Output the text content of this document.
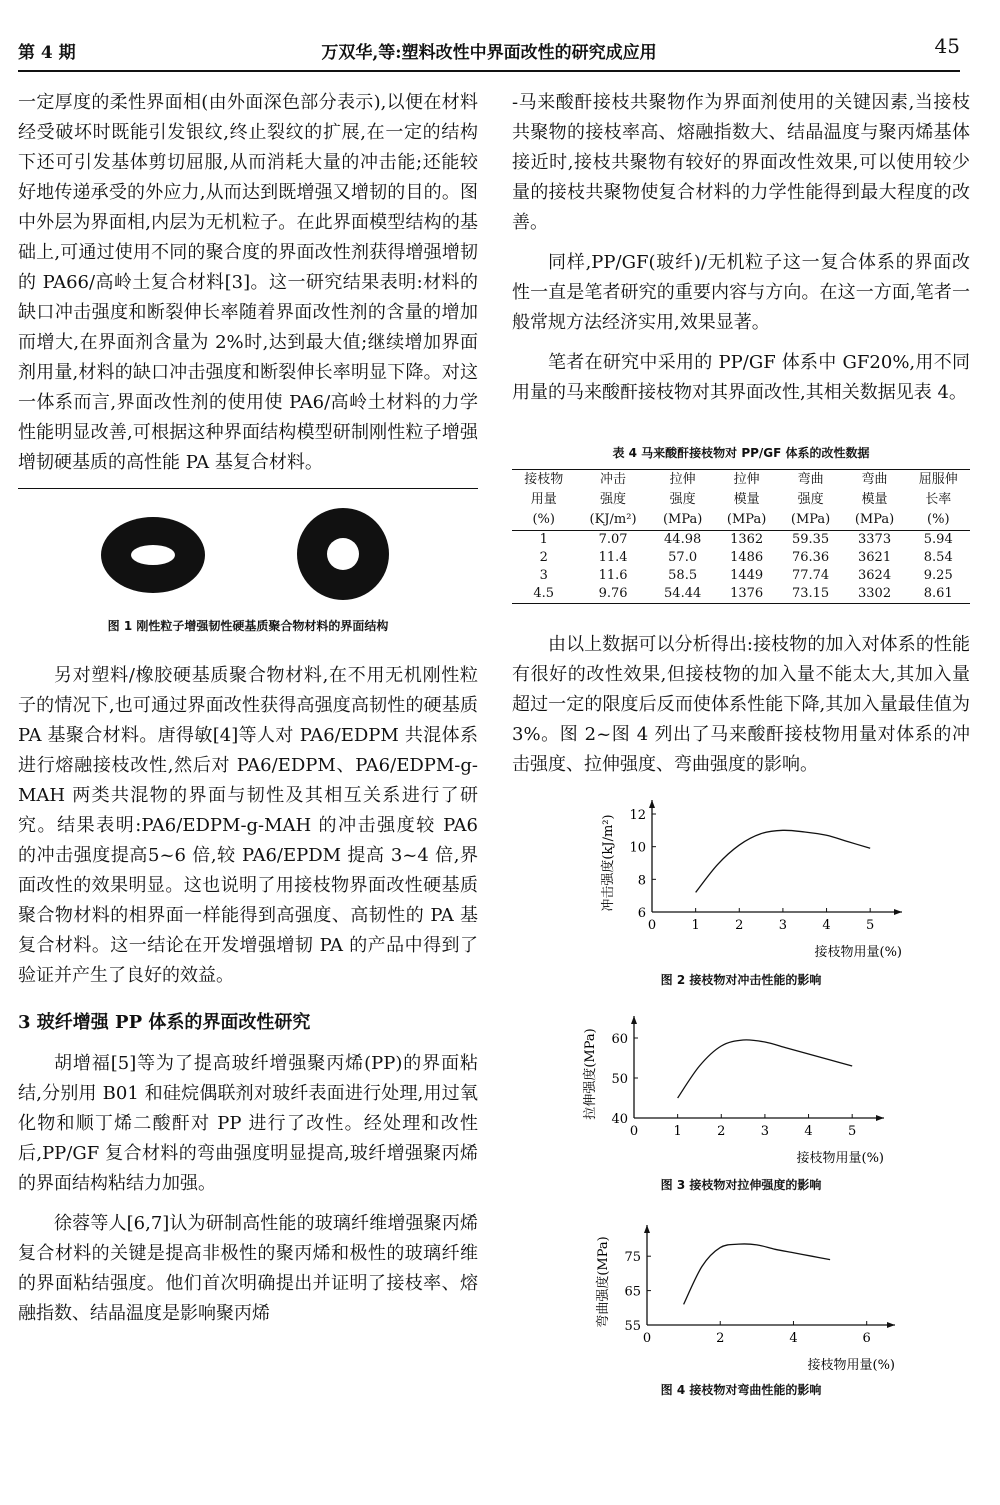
第 4 期	万双华,等:塑料改性中界面改性的研究成应用	45

一定厚度的柔性界面相(由外面深色部分表示),以便在材料经受破坏时既能引发银纹,终止裂纹的扩展,在一定的结构下还可引发基体剪切屈服,从而消耗大量的冲击能;还能较好地传递承受的外应力,从而达到既增强又增韧的目的。图中外层为界面相,内层为无机粒子。在此界面模型结构的基础上,可通过使用不同的聚合度的界面改性剂获得增强增韧的 PA66/高岭土复合材料[3]。这一研究结果表明:材料的缺口冲击强度和断裂伸长率随着界面改性剂的含量的增加而增大,在界面剂含量为 2%时,达到最大值;继续增加界面剂用量,材料的缺口冲击强度和断裂伸长率明显下降。对这一体系而言,界面改性剂的使用使 PA6/高岭土材料的力学性能明显改善,可根据这种界面结构模型研制刚性粒子增强增韧硬基质的高性能 PA 基复合材料。

图 1 刚性粒子增强韧性硬基质聚合物材料的界面结构

另对塑料/橡胶硬基质聚合物材料,在不用无机刚性粒子的情况下,也可通过界面改性获得高强度高韧性的硬基质 PA 基聚合材料。唐得敏[4]等人对 PA6/EDPM 共混体系进行熔融接枝改性,然后对 PA6/EDPM、PA6/EDPM-g-MAH 两类共混物的界面与韧性及其相互关系进行了研究。结果表明:PA6/EDPM-g-MAH 的冲击强度较 PA6 的冲击强度提高5~6 倍,较 PA6/EPDM 提高 3~4 倍,界面改性的效果明显。这也说明了用接枝物界面改性硬基质聚合物材料的相界面一样能得到高强度、高韧性的 PA 基复合材料。这一结论在开发增强增韧 PA 的产品中得到了验证并产生了良好的效益。

3 玻纤增强 PP 体系的界面改性研究

胡增福[5]等为了提高玻纤增强聚丙烯(PP)的界面粘结,分别用 B01 和硅烷偶联剂对玻纤表面进行处理,用过氧化物和顺丁烯二酸酐对 PP 进行了改性。经处理和改性后,PP/GF 复合材料的弯曲强度明显提高,玻纤增强聚丙烯的界面结构粘结力加强。

徐蓉等人[6,7]认为研制高性能的玻璃纤维增强聚丙烯复合材料的关键是提高非极性的聚丙烯和极性的玻璃纤维的界面粘结强度。他们首次明确提出并证明了接枝率、熔融指数、结晶温度是影响聚丙烯

-马来酸酐接枝共聚物作为界面剂使用的关键因素,当接枝共聚物的接枝率高、熔融指数大、结晶温度与聚丙烯基体接近时,接枝共聚物有较好的界面改性效果,可以使用较少量的接枝共聚物使复合材料的力学性能得到最大程度的改善。

同样,PP/GF(玻纤)/无机粒子这一复合体系的界面改性一直是笔者研究的重要内容与方向。在这一方面,笔者一般常规方法经济实用,效果显著。

笔者在研究中采用的 PP/GF 体系中 GF20%,用不同用量的马来酸酐接枝物对其界面改性,其相关数据见表 4。

表 4 马来酸酐接枝物对 PP/GF 体系的改性数据
接枝物	冲击	拉伸	拉伸	弯曲	弯曲	屈服伸
用量	强度	强度	模量	强度	模量	长率
(%)	(KJ/m²)	(MPa)	(MPa)	(MPa)	(MPa)	(%)
1	7.07	44.98	1362	59.35	3373	5.94
2	11.4	57.0	1486	76.36	3621	8.54
3	11.6	58.5	1449	77.74	3624	9.25
4.5	9.76	54.44	1376	73.15	3302	8.61

由以上数据可以分析得出:接枝物的加入对体系的性能有很好的改性效果,但接枝物的加入量不能太大,其加入量超过一定的限度后反而使体系性能下降,其加入量最佳值为 3%。图 2~图 4 列出了马来酸酐接枝物用量对体系的冲击强度、拉伸强度、弯曲强度的影响。

0	1	2	3	4	5
6
8
10
12
接枝物用量(%)
冲击强度(kJ/m²)
图 2 接枝物对冲击性能的影响
0	1	2	3	4	5
40
50
60
接枝物用量(%)
拉伸强度(MPa)
图 3 接枝物对拉伸强度的影响
0	2	4	6
55
65
75
接枝物用量(%)
弯曲强度(MPa)
图 4 接枝物对弯曲性能的影响
